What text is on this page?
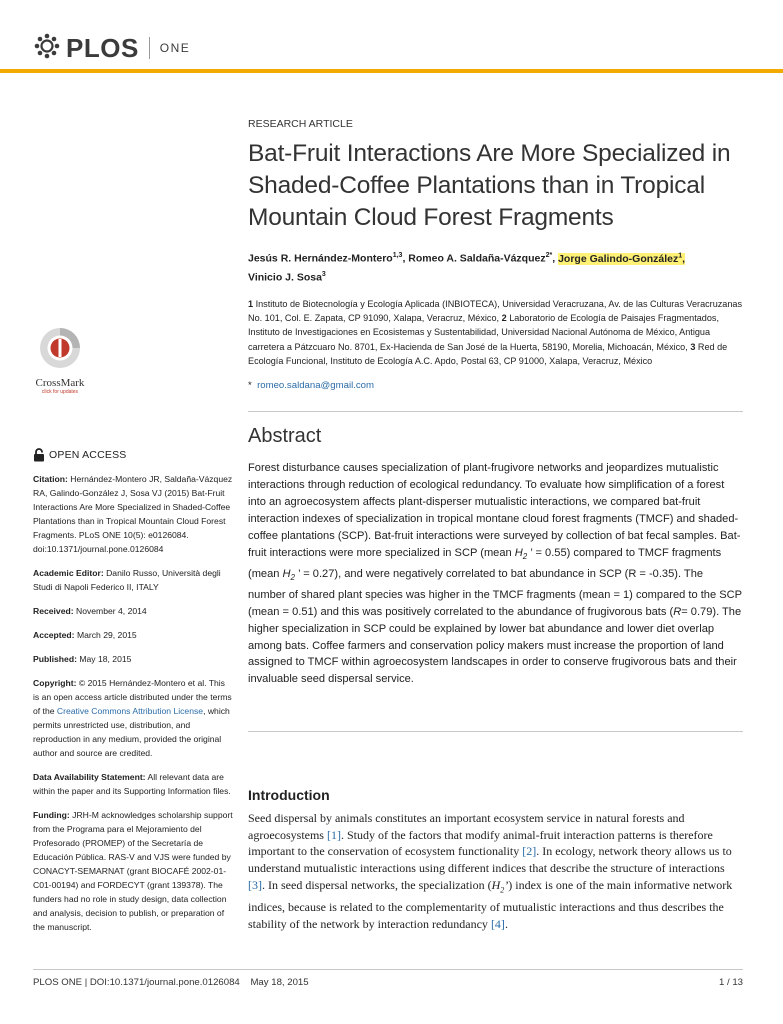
PLOS ONE
CrossMark
click for updates
OPEN ACCESS

Citation: Hernández-Montero JR, Saldaña-Vázquez RA, Galindo-González J, Sosa VJ (2015) Bat-Fruit Interactions Are More Specialized in Shaded-Coffee Plantations than in Tropical Mountain Cloud Forest Fragments. PLoS ONE 10(5): e0126084. doi:10.1371/journal.pone.0126084

Academic Editor: Danilo Russo, Università degli Studi di Napoli Federico II, ITALY

Received: November 4, 2014

Accepted: March 29, 2015

Published: May 18, 2015

Copyright: © 2015 Hernández-Montero et al. This is an open access article distributed under the terms of the Creative Commons Attribution License, which permits unrestricted use, distribution, and reproduction in any medium, provided the original author and source are credited.

Data Availability Statement: All relevant data are within the paper and its Supporting Information files.

Funding: JRH-M acknowledges scholarship support from the Programa para el Mejoramiento del Profesorado (PROMEP) of the Secretaría de Educación Pública. RAS-V and VJS were funded by CONACYT-SEMARNAT (grant BIOCAFÉ 2002-01-C01-00194) and FORDECYT (grant 139378). The funders had no role in study design, data collection and analysis, decision to publish, or preparation of the manuscript.

RESEARCH ARTICLE
Bat-Fruit Interactions Are More Specialized in Shaded-Coffee Plantations than in Tropical Mountain Cloud Forest Fragments
Jesús R. Hernández-Montero$^{1,3}$, Romeo A. Saldaña-Vázquez$^{2*}$, Jorge Galindo-González$^1$,
Vinicio J. Sosa$^3$
1 Instituto de Biotecnología y Ecología Aplicada (INBIOTECA), Universidad Veracruzana, Av. de las Culturas Veracruzanas No. 101, Col. E. Zapata, CP 91090, Xalapa, Veracruz, México, 2 Laboratorio de Ecología de Paisajes Fragmentados, Instituto de Investigaciones en Ecosistemas y Sustentabilidad, Universidad Nacional Autónoma de México, Antigua carretera a Pátzcuaro No. 8701, Ex-Hacienda de San José de la Huerta, 58190, Morelia, Michoacán, México, 3 Red de Ecología Funcional, Instituto de Ecología A.C. Apdo, Postal 63, CP 91000, Xalapa, Veracruz, México
* romeo.saldana@gmail.com
Abstract
Forest disturbance causes specialization of plant-frugivore networks and jeopardizes mutualistic interactions through reduction of ecological redundancy. To evaluate how simplification of a forest into an agroecosystem affects plant-disperser mutualistic interactions, we compared bat-fruit interaction indexes of specialization in tropical montane cloud forest fragments (TMCF) and shaded-coffee plantations (SCP). Bat-fruit interactions were surveyed by collection of bat fecal samples. Bat-fruit interactions were more specialized in SCP (mean $H_2$ ’ = 0.55) compared to TMCF fragments (mean $H_2$ ’ = 0.27), and were negatively correlated to bat abundance in SCP (R = -0.35). The number of shared plant species was higher in the TMCF fragments (mean = 1) compared to the SCP (mean = 0.51) and this was positively correlated to the abundance of frugivorous bats (R= 0.79). The higher specialization in SCP could be explained by lower bat abundance and lower diet overlap among bats. Coffee farmers and conservation policy makers must increase the proportion of land assigned to TMCF within agroecosystem landscapes in order to conserve frugivorous bats and their invaluable seed dispersal service.
Introduction
Seed dispersal by animals constitutes an important ecosystem service in natural forests and agroecosystems [1]. Study of the factors that modify animal-fruit interaction patterns is therefore important to the conservation of ecosystem functionality [2]. In ecology, network theory allows us to understand mutualistic interactions using different indices that describe the structure of interactions [3]. In seed dispersal networks, the specialization $(H_2’)$ index is one of the main informative network indices, because is related to the complementarity of mutualistic interactions and thus describes the stability of the network by interaction redundancy [4].
PLOS ONE | DOI:10.1371/journal.pone.0126084 May 18, 2015	1 / 13
